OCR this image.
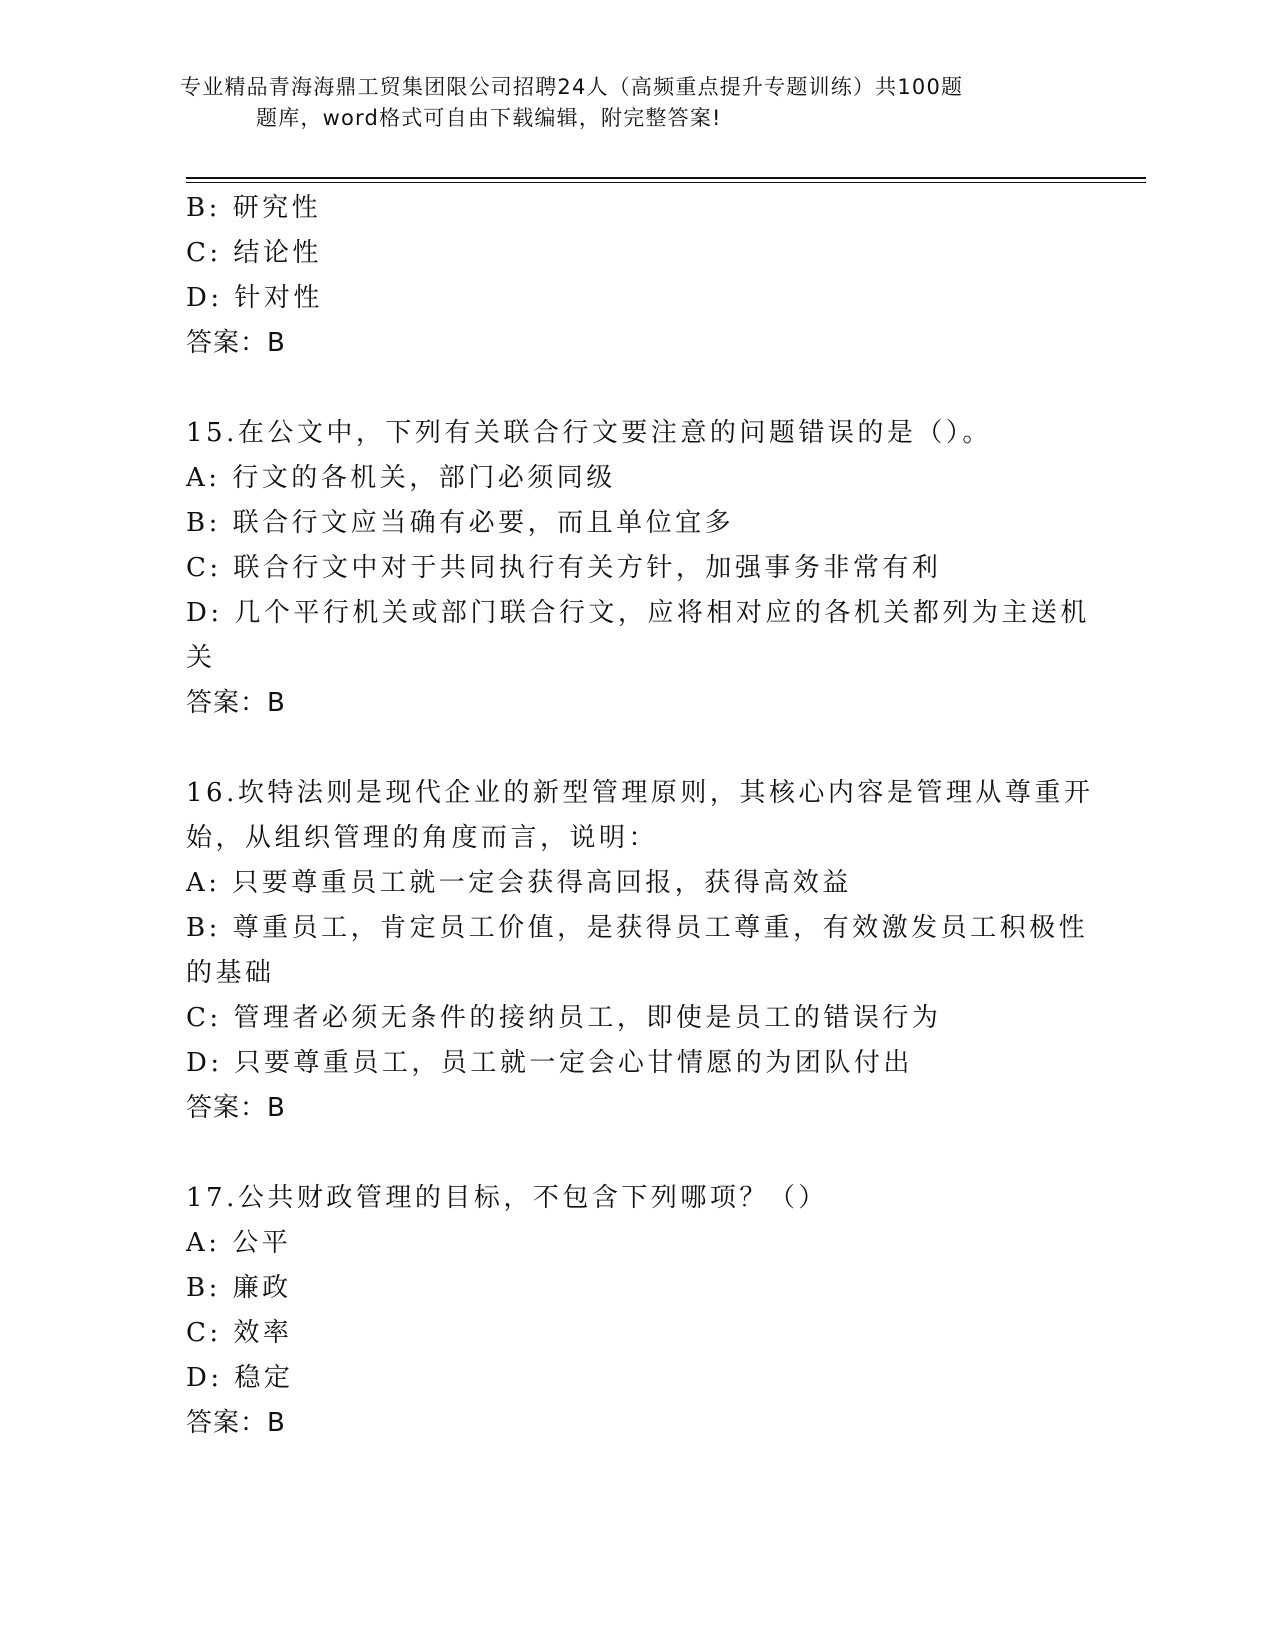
专业精品青海海鼎工贸集团限公司招聘24人（高频重点提升专题训练）共100题
题库，word格式可自由下载编辑，附完整答案!
B: 研究性
C: 结论性
D: 针对性
答案：B
15.在公文中，下列有关联合行文要注意的问题错误的是（）。
A: 行文的各机关，部门必须同级
B: 联合行文应当确有必要，而且单位宜多
C: 联合行文中对于共同执行有关方针，加强事务非常有利
D: 几个平行机关或部门联合行文，应将相对应的各机关都列为主送机
关
答案：B
16.坎特法则是现代企业的新型管理原则，其核心内容是管理从尊重开
始，从组织管理的角度而言，说明：
A: 只要尊重员工就一定会获得高回报，获得高效益
B: 尊重员工，肯定员工价值，是获得员工尊重，有效激发员工积极性
的基础
C: 管理者必须无条件的接纳员工，即使是员工的错误行为
D: 只要尊重员工，员工就一定会心甘情愿的为团队付出
答案：B
17.公共财政管理的目标，不包含下列哪项？（）
A: 公平
B: 廉政
C: 效率
D: 稳定
答案：B
